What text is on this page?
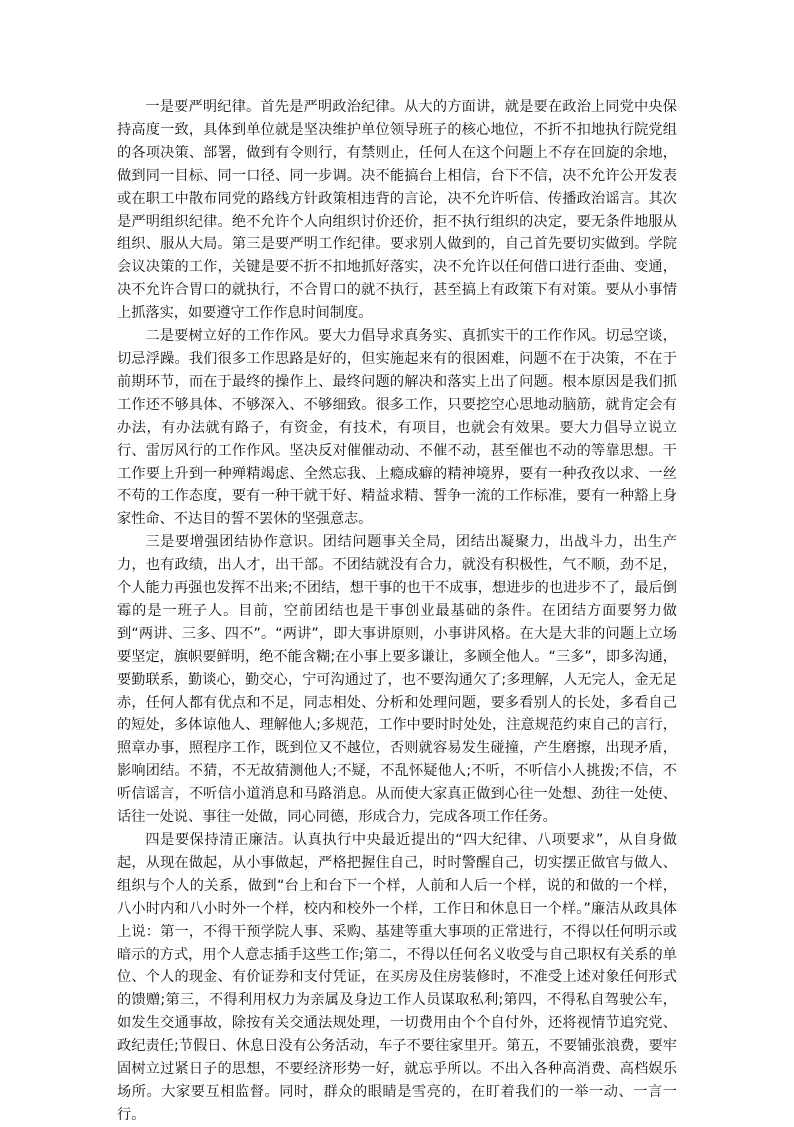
一是要严明纪律。首先是严明政治纪律。从大的方面讲，就是要在政治上同党中央保持高度一致，具体到单位就是坚决维护单位领导班子的核心地位，不折不扣地执行院党组的各项决策、部署，做到有令则行，有禁则止，任何人在这个问题上不存在回旋的余地，做到同一目标、同一口径、同一步调。决不能搞台上相信，台下不信，决不允许公开发表或在职工中散布同党的路线方针政策相违背的言论，决不允许听信、传播政治谣言。其次是严明组织纪律。绝不允许个人向组织讨价还价，拒不执行组织的决定，要无条件地服从组织、服从大局。第三是要严明工作纪律。要求别人做到的，自己首先要切实做到。学院会议决策的工作，关键是要不折不扣地抓好落实，决不允许以任何借口进行歪曲、变通，决不允许合胃口的就执行，不合胃口的就不执行，甚至搞上有政策下有对策。要从小事情上抓落实，如要遵守工作作息时间制度。

二是要树立好的工作作风。要大力倡导求真务实、真抓实干的工作作风。切忌空谈，切忌浮躁。我们很多工作思路是好的，但实施起来有的很困难，问题不在于决策，不在于前期环节，而在于最终的操作上、最终问题的解决和落实上出了问题。根本原因是我们抓工作还不够具体、不够深入、不够细致。很多工作，只要挖空心思地动脑筋，就肯定会有办法，有办法就有路子，有资金，有技术，有项目，也就会有效果。要大力倡导立说立行、雷厉风行的工作作风。坚决反对催催动动、不催不动，甚至催也不动的等靠思想。干工作要上升到一种殚精竭虑、全然忘我、上瘾成癖的精神境界，要有一种孜孜以求、一丝不苟的工作态度，要有一种干就干好、精益求精、誓争一流的工作标准，要有一种豁上身家性命、不达目的誓不罢休的坚强意志。

三是要增强团结协作意识。团结问题事关全局，团结出凝聚力，出战斗力，出生产力，也有政绩，出人才，出干部。不团结就没有合力，就没有积极性，气不顺，劲不足，个人能力再强也发挥不出来;不团结，想干事的也干不成事，想进步的也进步不了，最后倒霉的是一班子人。目前，空前团结也是干事创业最基础的条件。在团结方面要努力做到“两讲、三多、四不”。“两讲”，即大事讲原则，小事讲风格。在大是大非的问题上立场要坚定，旗帜要鲜明，绝不能含糊;在小事上要多谦让，多顾全他人。“三多”，即多沟通，要勤联系，勤谈心，勤交心，宁可沟通过了，也不要沟通欠了;多理解，人无完人，金无足赤，任何人都有优点和不足，同志相处、分析和处理问题，要多看别人的长处，多看自己的短处，多体谅他人、理解他人;多规范，工作中要时时处处，注意规范约束自己的言行，照章办事，照程序工作，既到位又不越位，否则就容易发生碰撞，产生磨擦，出现矛盾，影响团结。不猜，不无故猜测他人;不疑，不乱怀疑他人;不听，不听信小人挑拨;不信，不听信谣言，不听信小道消息和马路消息。从而使大家真正做到心往一处想、劲往一处使、话往一处说、事往一处做，同心同德，形成合力，完成各项工作任务。

四是要保持清正廉洁。认真执行中央最近提出的“四大纪律、八项要求”，从自身做起，从现在做起，从小事做起，严格把握住自己，时时警醒自己，切实摆正做官与做人、组织与个人的关系，做到“台上和台下一个样，人前和人后一个样，说的和做的一个样，八小时内和八小时外一个样，校内和校外一个样，工作日和休息日一个样。”廉洁从政具体上说：第一，不得干预学院人事、采购、基建等重大事项的正常进行，不得以任何明示或暗示的方式，用个人意志插手这些工作;第二，不得以任何名义收受与自己职权有关系的单位、个人的现金、有价证券和支付凭证，在买房及住房装修时，不准受上述对象任何形式的馈赠;第三，不得利用权力为亲属及身边工作人员谋取私利;第四，不得私自驾驶公车，如发生交通事故，除按有关交通法规处理，一切费用由个个自付外，还将视情节追究党、政纪责任;节假日、休息日没有公务活动，车子不要往家里开。第五，不要铺张浪费，要牢固树立过紧日子的思想，不要经济形势一好，就忘乎所以。不出入各种高消费、高档娱乐场所。大家要互相监督。同时，群众的眼睛是雪亮的，在盯着我们的一举一动、一言一行。
